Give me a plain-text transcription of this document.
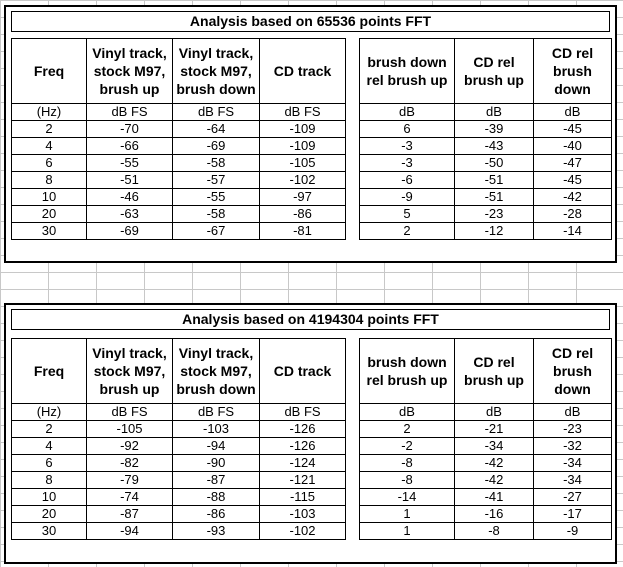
Analysis based on 65536 points FFT
Freq	Vinyl track, stock M97, brush up	Vinyl track, stock M97, brush down	CD track
(Hz)	dB FS	dB FS	dB FS
2	-70	-64	-109
4	-66	-69	-109
6	-55	-58	-105
8	-51	-57	-102
10	-46	-55	-97
20	-63	-58	-86
30	-69	-67	-81
brush down rel brush up	CD rel brush up	CD rel brush down
dB	dB	dB
6	-39	-45
-3	-43	-40
-3	-50	-47
-6	-51	-45
-9	-51	-42
5	-23	-28
2	-12	-14
Analysis based on 4194304 points FFT
Freq	Vinyl track, stock M97, brush up	Vinyl track, stock M97, brush down	CD track
(Hz)	dB FS	dB FS	dB FS
2	-105	-103	-126
4	-92	-94	-126
6	-82	-90	-124
8	-79	-87	-121
10	-74	-88	-115
20	-87	-86	-103
30	-94	-93	-102
brush down rel brush up	CD rel brush up	CD rel brush down
dB	dB	dB
2	-21	-23
-2	-34	-32
-8	-42	-34
-8	-42	-34
-14	-41	-27
1	-16	-17
1	-8	-9
